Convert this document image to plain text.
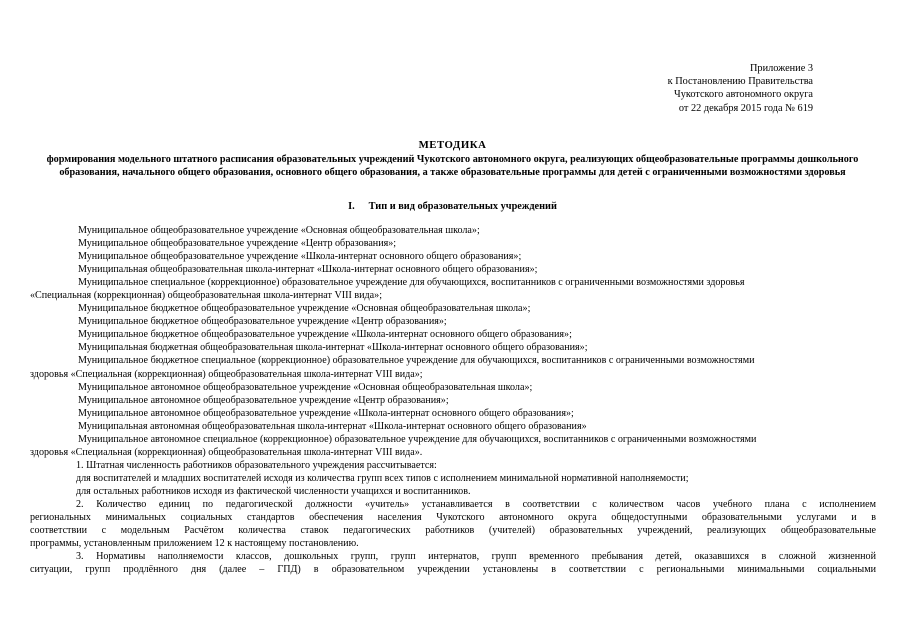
Приложение 3
к Постановлению Правительства
Чукотского автономного округа
от 22 декабря 2015 года № 619
МЕТОДИКА
формирования модельного штатного расписания образовательных учреждений Чукотского автономного округа, реализующих общеобразовательные программы дошкольного образования, начального общего образования, основного общего образования, а также образовательные программы для детей с ограниченными возможностями здоровья
I. Тип и вид образовательных учреждений
Муниципальное общеобразовательное учреждение «Основная общеобразовательная школа»;
Муниципальное общеобразовательное учреждение «Центр образования»;
Муниципальное общеобразовательное учреждение «Школа-интернат основного общего образования»;
Муниципальная общеобразовательная школа-интернат «Школа-интернат основного общего образования»;
Муниципальное специальное (коррекционное) образовательное учреждение для обучающихся, воспитанников с ограниченными возможностями здоровья
«Специальная (коррекционная) общеобразовательная школа-интернат VIII вида»;
Муниципальное бюджетное общеобразовательное учреждение «Основная общеобразовательная школа»;
Муниципальное бюджетное общеобразовательное учреждение «Центр образования»;
Муниципальное бюджетное общеобразовательное учреждение «Школа-интернат основного общего образования»;
Муниципальная бюджетная общеобразовательная школа-интернат «Школа-интернат основного общего образования»;
Муниципальное бюджетное специальное (коррекционное) образовательное учреждение для обучающихся, воспитанников с ограниченными возможностями
здоровья «Специальная (коррекционная) общеобразовательная школа-интернат VIII вида»;
Муниципальное автономное общеобразовательное учреждение «Основная общеобразовательная школа»;
Муниципальное автономное общеобразовательное учреждение «Центр образования»;
Муниципальное автономное общеобразовательное учреждение «Школа-интернат основного общего образования»;
Муниципальная автономная общеобразовательная школа-интернат «Школа-интернат основного общего образования»
Муниципальное автономное специальное (коррекционное) образовательное учреждение для обучающихся, воспитанников с ограниченными возможностями
здоровья «Специальная (коррекционная) общеобразовательная школа-интернат VIII вида».
1. Штатная численность работников образовательного учреждения рассчитывается:
для воспитателей и младших воспитателей исходя из количества групп всех типов с исполнением минимальной нормативной наполняемости;
для остальных работников исходя из фактической численности учащихся и воспитанников.
2. Количество единиц по педагогической должности «учитель» устанавливается в соответствии с количеством часов учебного плана с исполнением
региональных минимальных социальных стандартов обеспечения населения Чукотского автономного округа общедоступными образовательными услугами и в
соответствии с модельным Расчётом количества ставок педагогических работников (учителей) образовательных учреждений, реализующих общеобразовательные
программы, установленным приложением 12 к настоящему постановлению.
3. Нормативы наполняемости классов, дошкольных групп, групп интернатов, групп временного пребывания детей, оказавшихся в сложной жизненной
ситуации, групп продлённого дня (далее – ГПД) в образовательном учреждении установлены в соответствии с региональными минимальными социальными
